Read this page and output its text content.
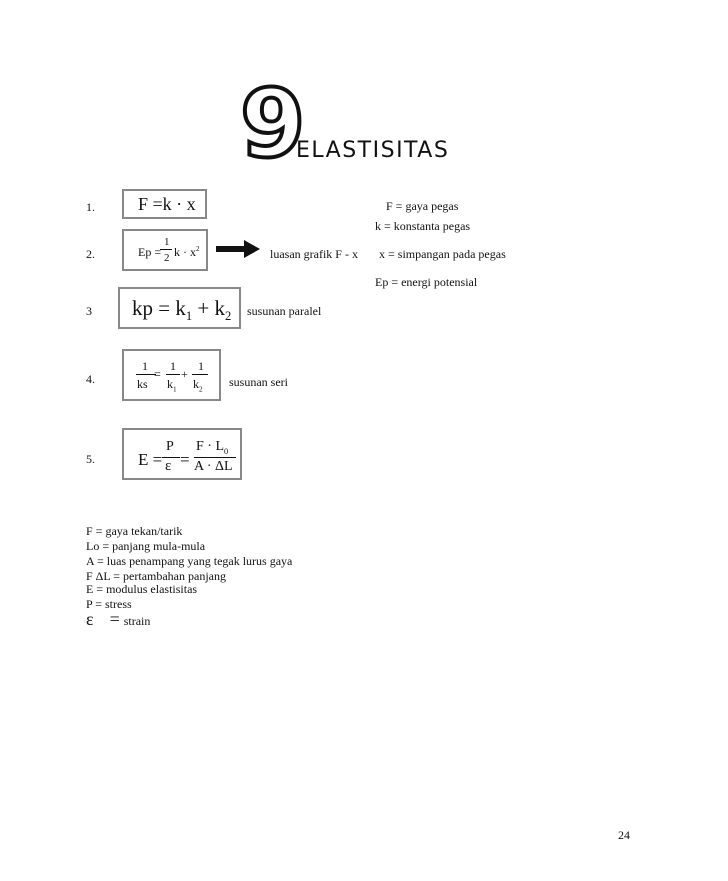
9
ELASTISITAS
1. F =k · x	F = gaya pegas
k = konstanta pegas
x = simpangan pada pegas
Ep = energi potensial
2.	Ep =
1
2 $k \cdot x^2$	luasan grafik F - x
3 kp = $k_1 + k_2$ susunan paralel
4.
1
ks
=
1
$k_1$
+
1
$k_2$
susunan seri
5.	E =
P
ε =
$F \cdot L_0$
A · ΔL
F = gaya tekan/tarik
Lo = panjang mula-mula
A = luas penampang yang tegak lurus gaya
F ΔL = pertambahan panjang
E = modulus elastisitas
P = stress
ε = strain
24
